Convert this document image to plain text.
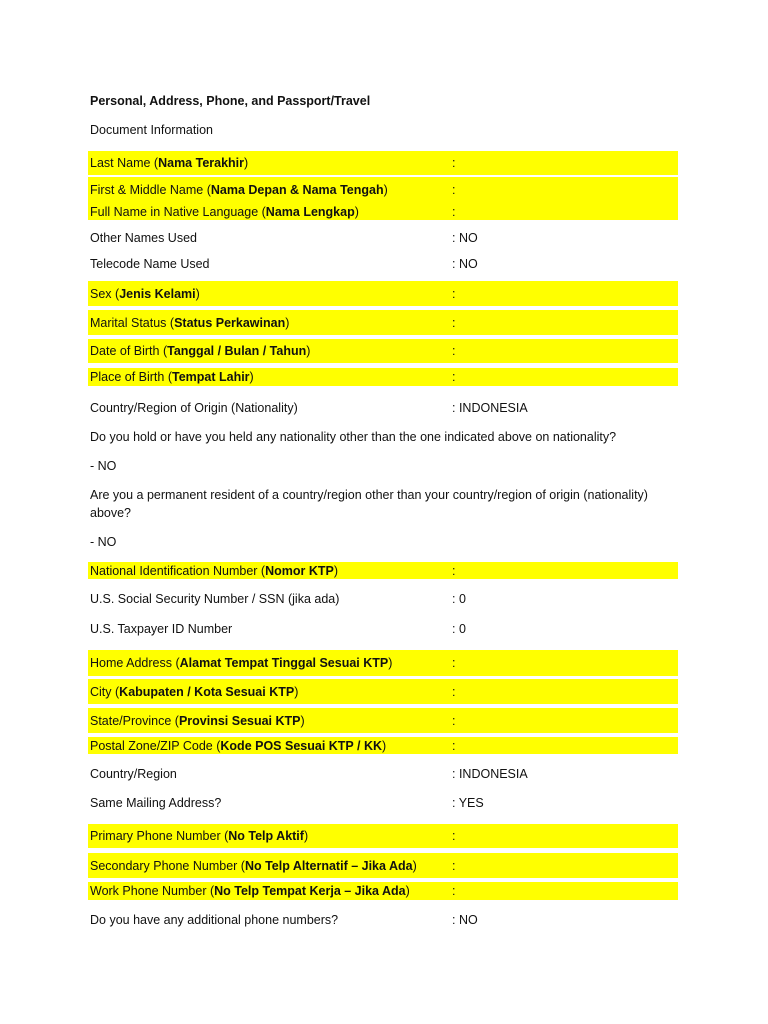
Personal, Address, Phone, and Passport/Travel
Document Information
Last Name (Nama Terakhir)	:
First & Middle Name (Nama Depan & Nama Tengah)	:
Full Name in Native Language (Nama Lengkap)	:
Other Names Used	: NO
Telecode Name Used	: NO
Sex (Jenis Kelami)	:
Marital Status (Status Perkawinan)	:
Date of Birth (Tanggal / Bulan / Tahun)	:
Place of Birth (Tempat Lahir)	:
Country/Region of Origin (Nationality)	: INDONESIA
Do you hold or have you held any nationality other than the one indicated above on nationality?
- NO
Are you a permanent resident of a country/region other than your country/region of origin (nationality) above?
- NO
National Identification Number (Nomor KTP)	:
U.S. Social Security Number / SSN (jika ada)	: 0
U.S. Taxpayer ID Number	: 0
Home Address (Alamat Tempat Tinggal Sesuai KTP)	:
City (Kabupaten / Kota Sesuai KTP)	:
State/Province (Provinsi Sesuai KTP)	:
Postal Zone/ZIP Code (Kode POS Sesuai KTP / KK)	:
Country/Region	: INDONESIA
Same Mailing Address?	: YES
Primary Phone Number (No Telp Aktif)	:
Secondary Phone Number (No Telp Alternatif – Jika Ada)	:
Work Phone Number (No Telp Tempat Kerja – Jika Ada)	:
Do you have any additional phone numbers?	: NO
